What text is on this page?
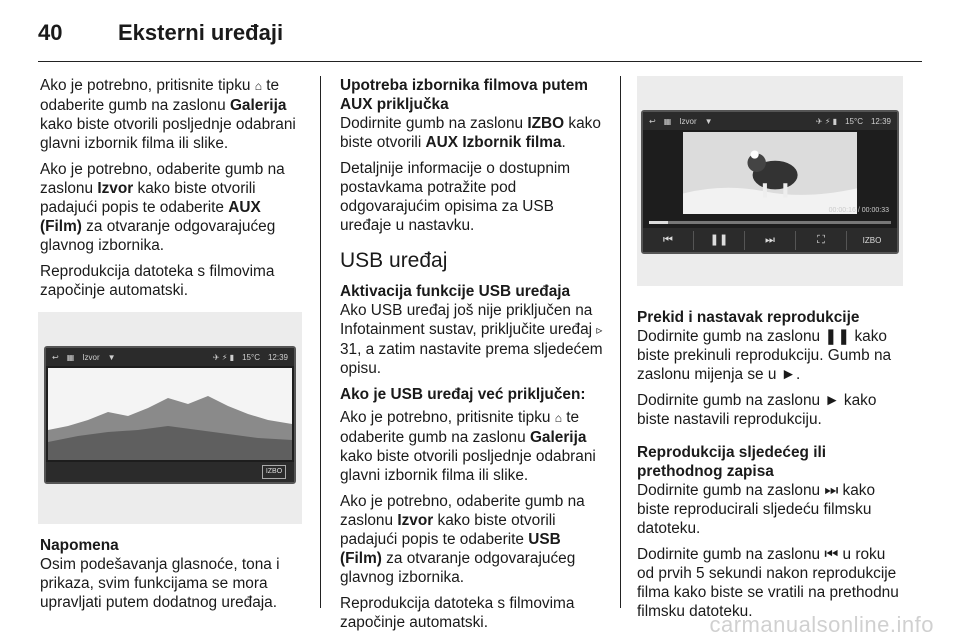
40	Eksterni uređaji

Ako je potrebno, pritisnite tipku ⌂ te odaberite gumb na zaslonu Galerija kako biste otvorili posljednje odabrani glavni izbornik filma ili slike.

Ako je potrebno, odaberite gumb na zaslonu Izvor kako biste otvorili padajući popis te odaberite AUX (Film) za otvaranje odgovarajućeg glavnog izbornika.

Reprodukcija datoteka s filmovima započinje automatski.

↩ ▦ Izvor ▼	✈ ⚡ ▮ 15°C 12:39
IZBO
Napomena

Osim podešavanja glasnoće, tona i prikaza, svim funkcijama se mora upravljati putem dodatnog uređaja.

Upotreba izbornika filmova putem AUX priključka

Dodirnite gumb na zaslonu IZBO kako biste otvorili AUX Izbornik filma.

Detaljnije informacije o dostupnim postavkama potražite pod odgovarajućim opisima za USB uređaje u nastavku.

USB uređaj
Aktivacija funkcije USB uređaja

Ako USB uređaj još nije priključen na Infotainment sustav, priključite uređaj ▹ 31, a zatim nastavite prema sljedećem opisu.

Ako je USB uređaj već priključen:

Ako je potrebno, pritisnite tipku ⌂ te odaberite gumb na zaslonu Galerija kako biste otvorili posljednje odabrani glavni izbornik filma ili slike.

Ako je potrebno, odaberite gumb na zaslonu Izvor kako biste otvorili padajući popis te odaberite USB (Film) za otvaranje odgovarajućeg glavnog izbornika.

Reprodukcija datoteka s filmovima započinje automatski.

↩ ▦ Izvor ▼	✈ ⚡ ▮ 15°C 12:39
00:00:16 / 00:00:33
⏮	❚❚	⏭	⛶	IZBO
Prekid i nastavak reprodukcije

Dodirnite gumb na zaslonu ❚❚ kako biste prekinuli reprodukciju. Gumb na zaslonu mijenja se u ►.

Dodirnite gumb na zaslonu ► kako biste nastavili reprodukciju.

Reprodukcija sljedećeg ili prethodnog zapisa

Dodirnite gumb na zaslonu ⏭ kako biste reproducirali sljedeću filmsku datoteku.

Dodirnite gumb na zaslonu ⏮ u roku od prvih 5 sekundi nakon reprodukcije filma kako biste se vratili na prethodnu filmsku datoteku.

carmanualsonline.info
